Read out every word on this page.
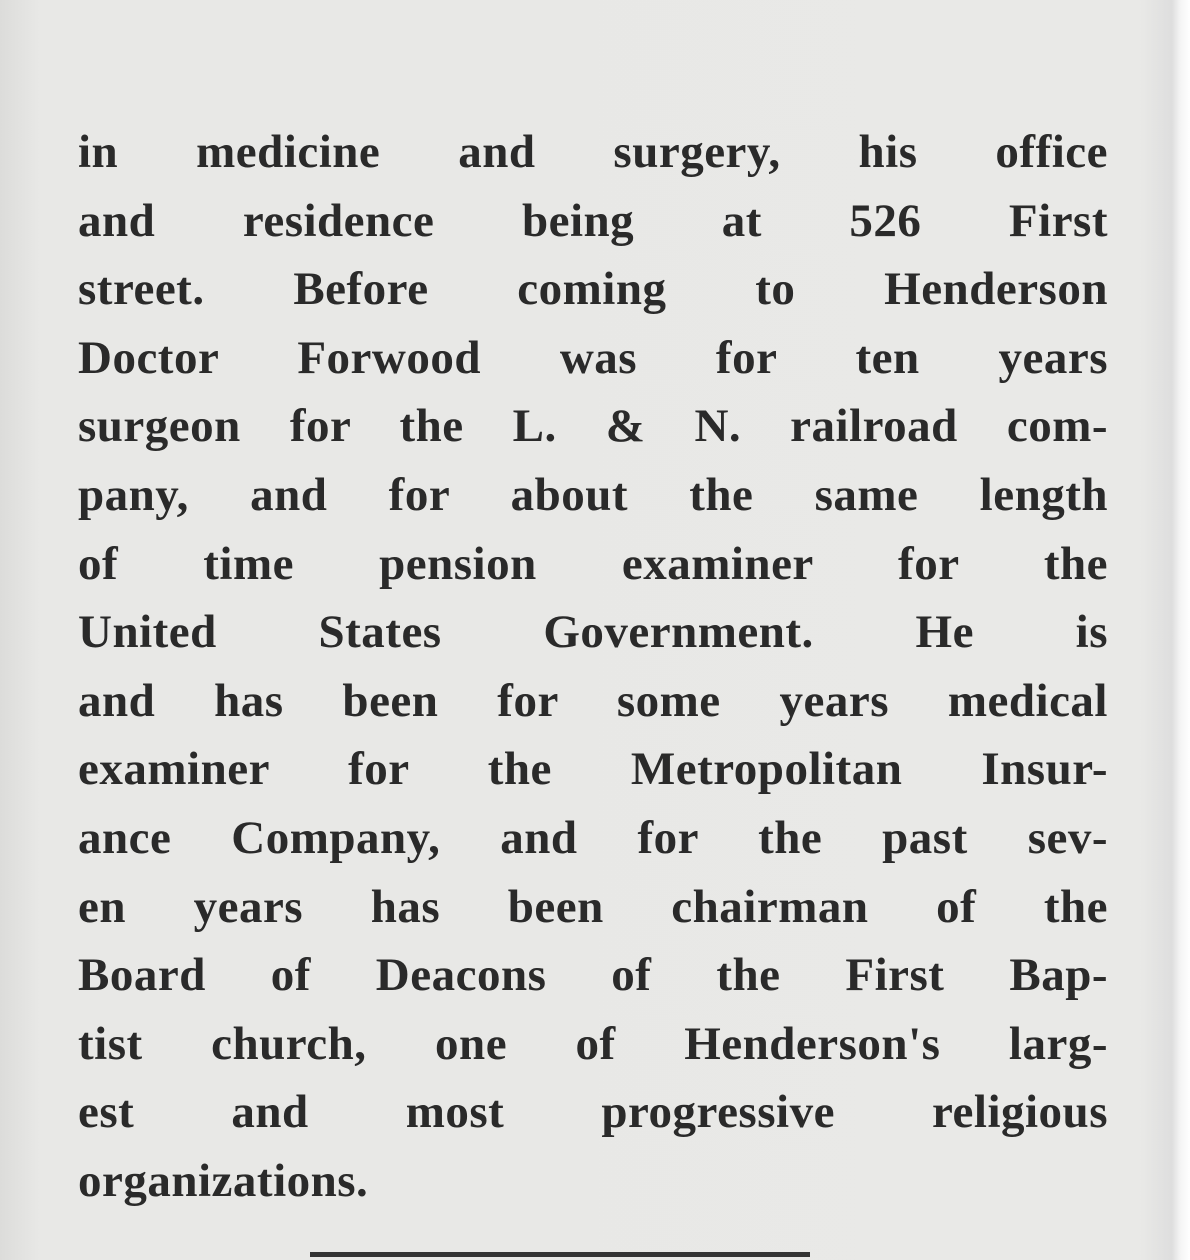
in medicine and surgery, his office
and residence being at 526 First
street. Before coming to Henderson
Doctor Forwood was for ten years
surgeon for the L. & N. railroad com-
pany, and for about the same length
of time pension examiner for the
United States Government. He is
and has been for some years medical
examiner for the Metropolitan Insur-
ance Company, and for the past sev-
en years has been chairman of the
Board of Deacons of the First Bap-
tist church, one of Henderson's larg-
est and most progressive religious
organizations.
